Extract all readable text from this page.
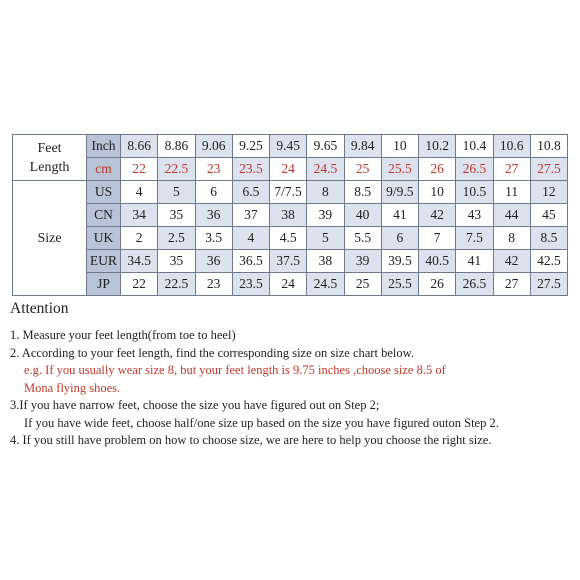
Feet
Length	Inch	8.66	8.86	9.06	9.25	9.45	9.65	9.84	10	10.2	10.4	10.6	10.8
	cm	22	22.5	23	23.5	24	24.5	25	25.5	26	26.5	27	27.5
Size	US	4	5	6	6.5	7/7.5	8	8.5	9/9.5	10	10.5	11	12
	CN	34	35	36	37	38	39	40	41	42	43	44	45
	UK	2	2.5	3.5	4	4.5	5	5.5	6	7	7.5	8	8.5
	EUR	34.5	35	36	36.5	37.5	38	39	39.5	40.5	41	42	42.5
	JP	22	22.5	23	23.5	24	24.5	25	25.5	26	26.5	27	27.5
Attention
1. Measure your feet length(from toe to heel)
2. According to your feet length, find the corresponding size on size chart below.
e.g. If you usually wear size 8, but your feet length is 9.75 inches ,choose size 8.5 of
Mona flying shoes.
3.If you have narrow feet, choose the size you have figured out on Step 2;
If you have wide feet, choose half/one size up based on the size you have figured outon Step 2.
4. If you still have problem on how to choose size, we are here to help you choose the right size.
